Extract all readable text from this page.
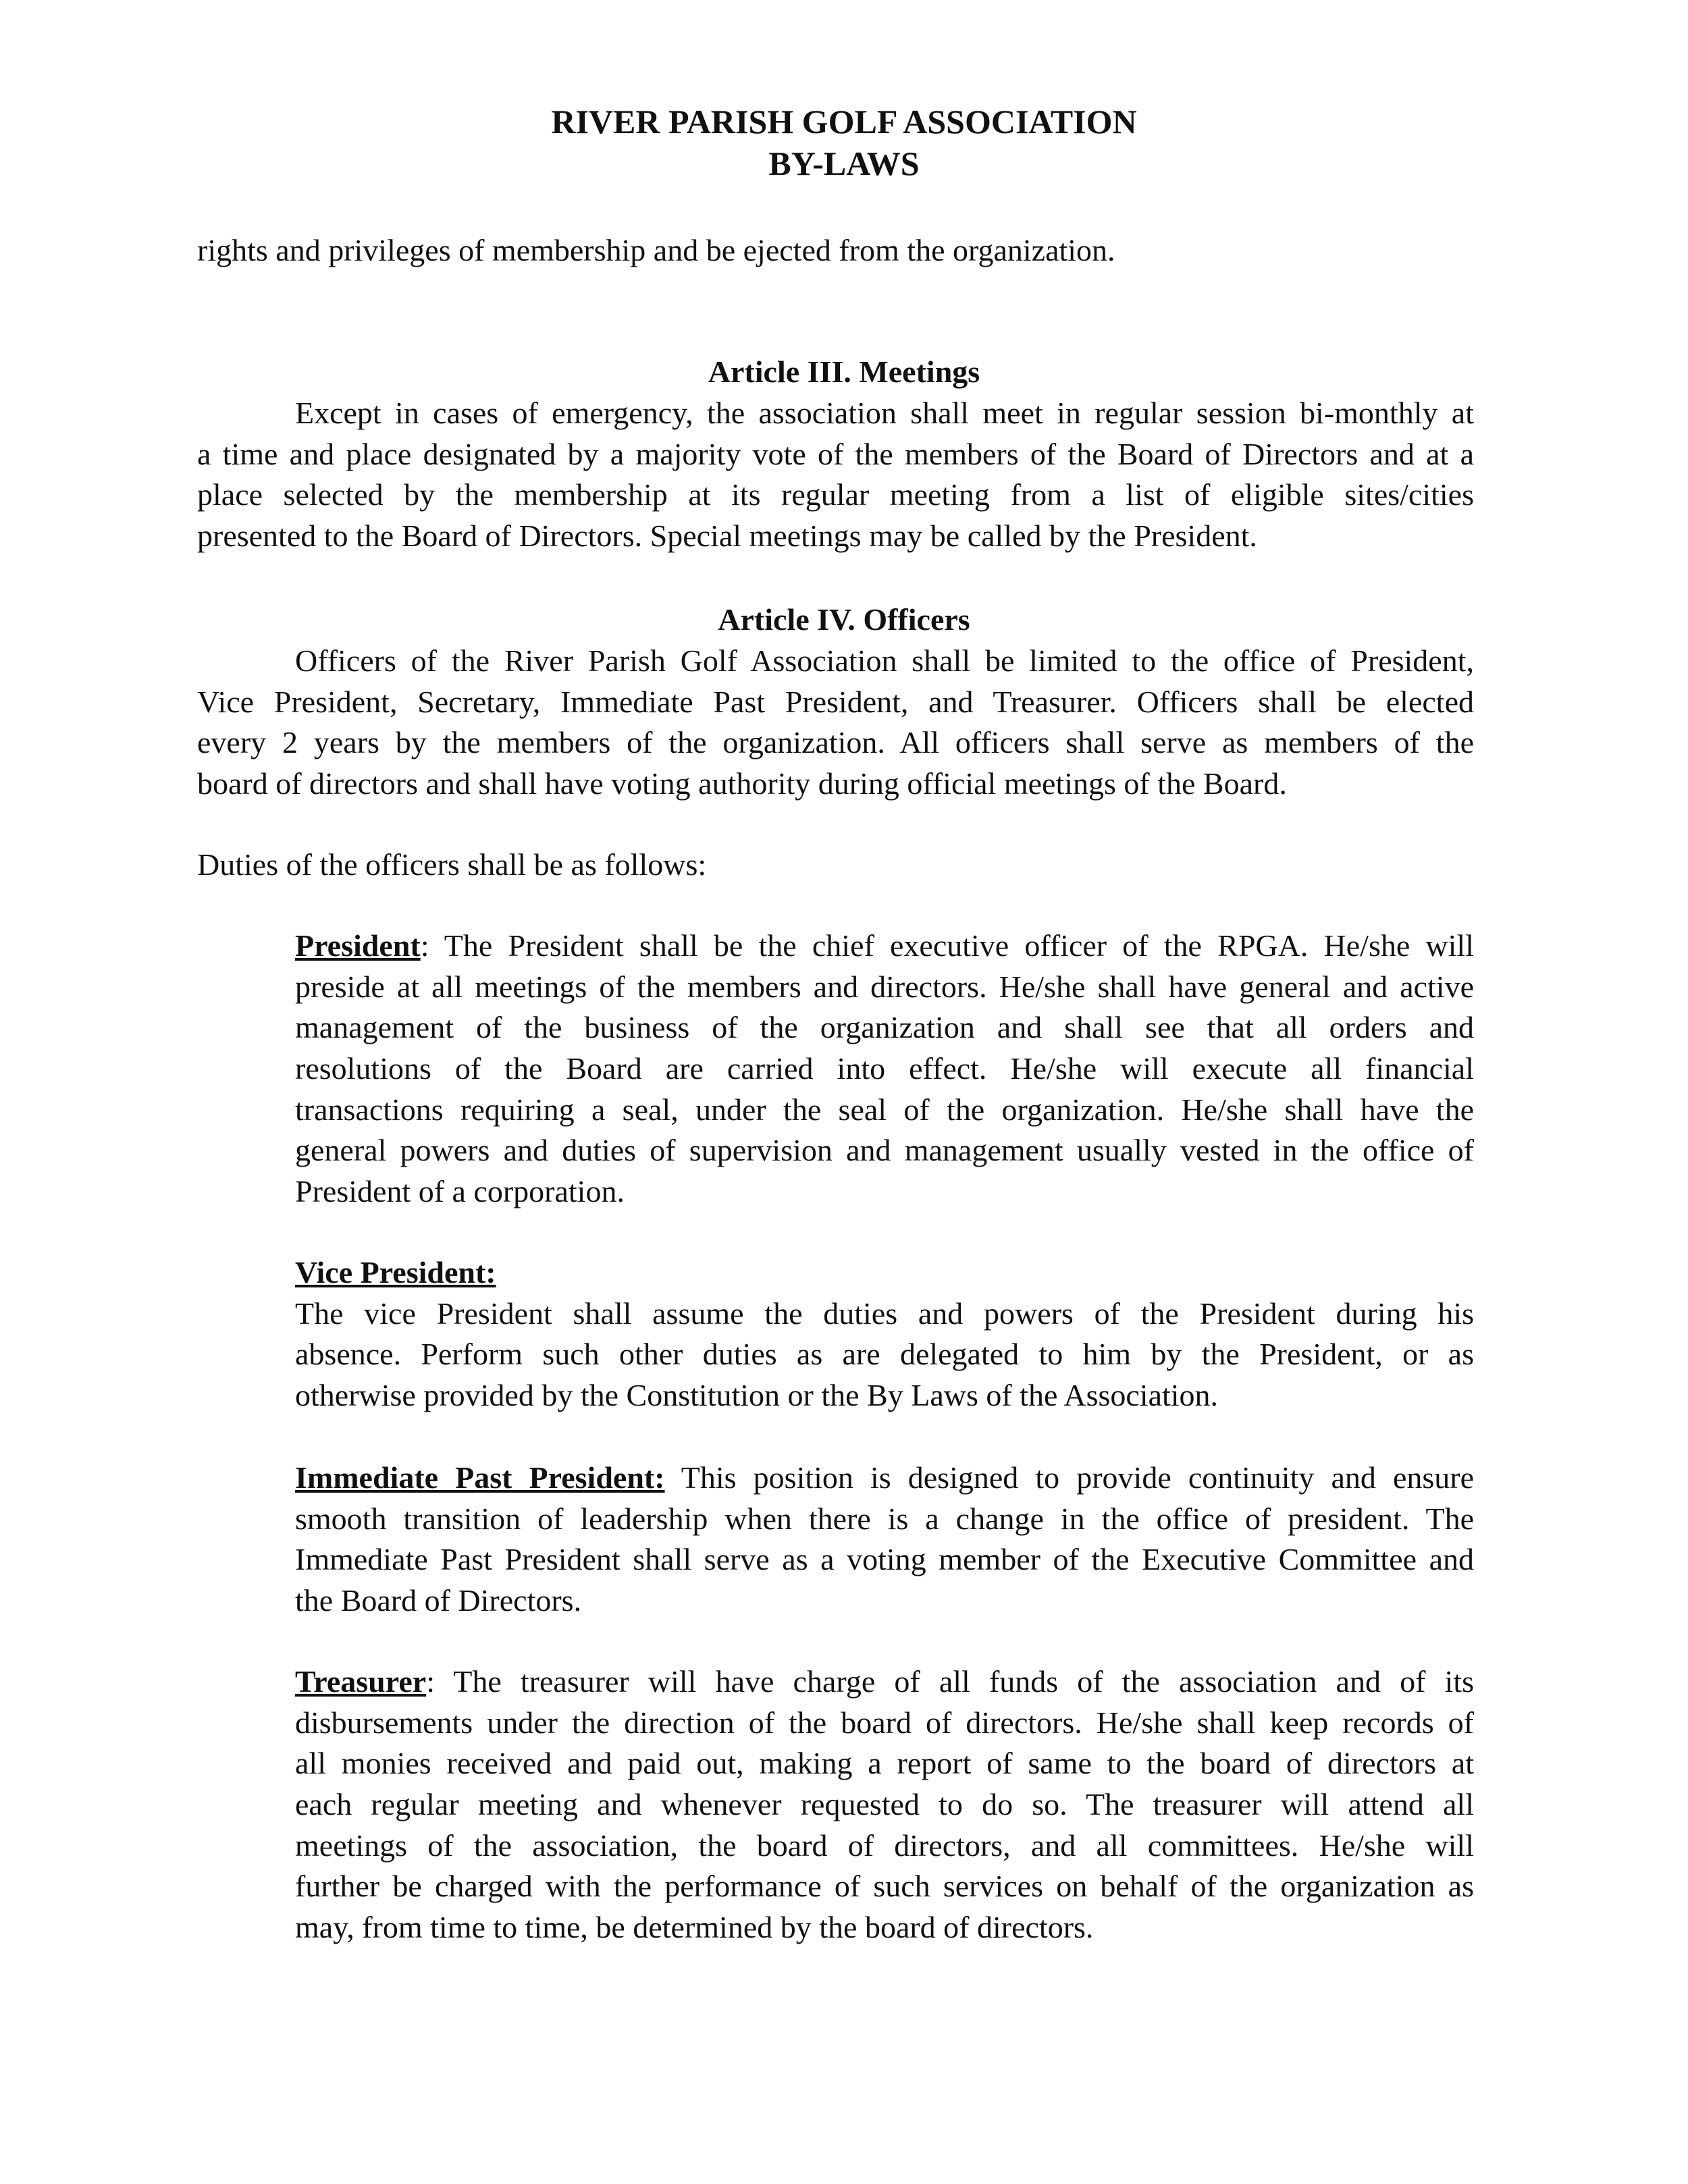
RIVER PARISH GOLF ASSOCIATION
BY-LAWS
rights and privileges of membership and be ejected from the organization.
Article III. Meetings
Except in cases of emergency, the association shall meet in regular session bi-monthly at
a time and place designated by a majority vote of the members of the Board of Directors and at a
place selected by the membership at its regular meeting from a list of eligible sites/cities
presented to the Board of Directors. Special meetings may be called by the President.
Article IV. Officers
Officers of the River Parish Golf Association shall be limited to the office of President,
Vice President, Secretary, Immediate Past President, and Treasurer. Officers shall be elected
every 2 years by the members of the organization. All officers shall serve as members of the
board of directors and shall have voting authority during official meetings of the Board.
Duties of the officers shall be as follows:
President: The President shall be the chief executive officer of the RPGA. He/she will
preside at all meetings of the members and directors. He/she shall have general and active
management of the business of the organization and shall see that all orders and
resolutions of the Board are carried into effect. He/she will execute all financial
transactions requiring a seal, under the seal of the organization. He/she shall have the
general powers and duties of supervision and management usually vested in the office of
President of a corporation.
Vice President:
The vice President shall assume the duties and powers of the President during his
absence. Perform such other duties as are delegated to him by the President, or as
otherwise provided by the Constitution or the By Laws of the Association.
Immediate Past President: This position is designed to provide continuity and ensure
smooth transition of leadership when there is a change in the office of president. The
Immediate Past President shall serve as a voting member of the Executive Committee and
the Board of Directors.
Treasurer: The treasurer will have charge of all funds of the association and of its
disbursements under the direction of the board of directors. He/she shall keep records of
all monies received and paid out, making a report of same to the board of directors at
each regular meeting and whenever requested to do so. The treasurer will attend all
meetings of the association, the board of directors, and all committees. He/she will
further be charged with the performance of such services on behalf of the organization as
may, from time to time, be determined by the board of directors.
